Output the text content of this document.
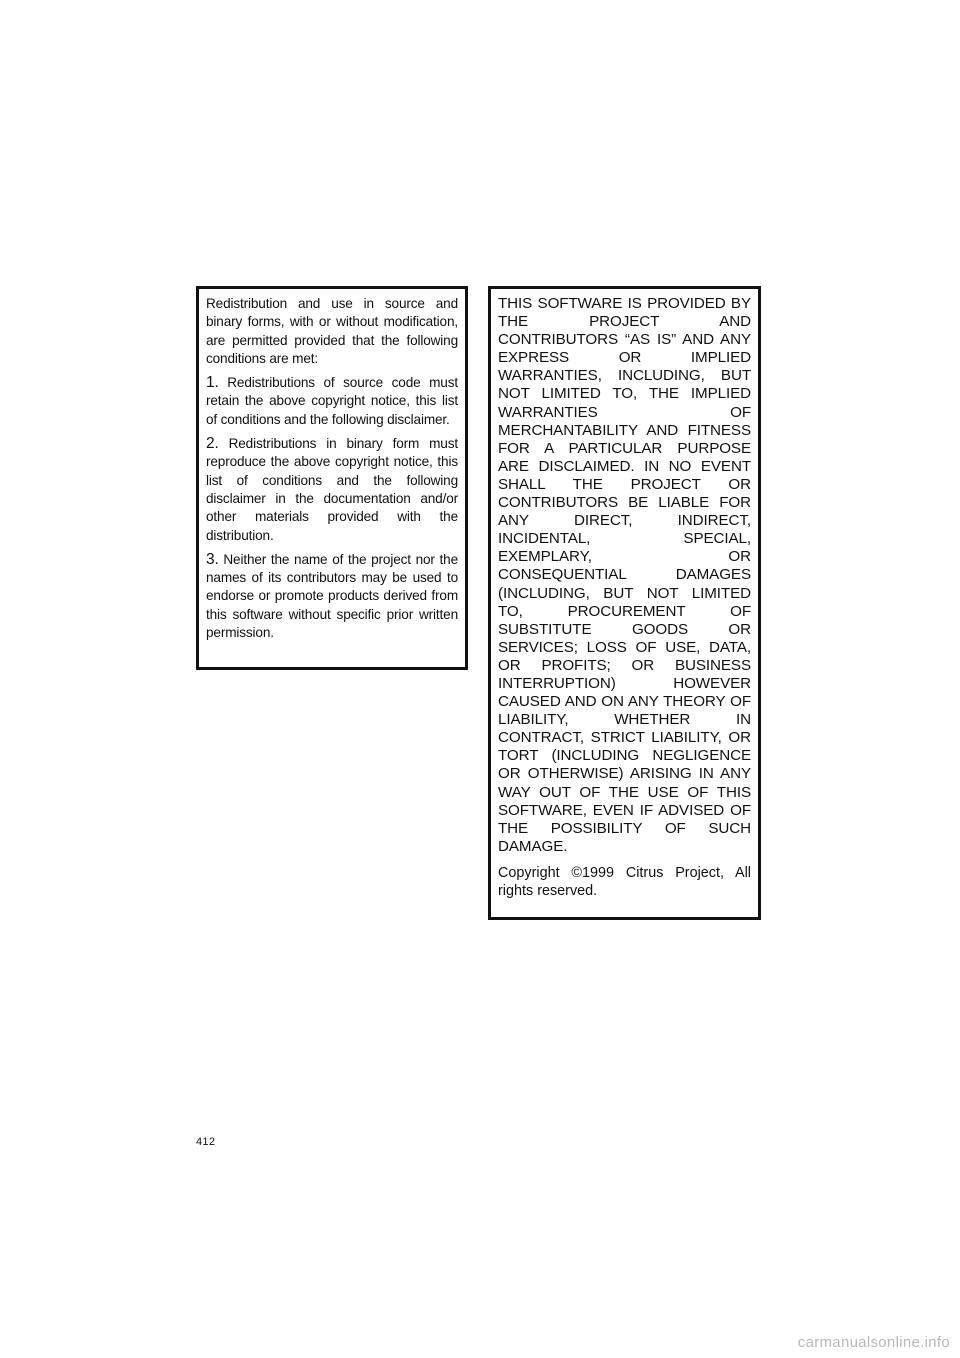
Redistribution and use in source and binary forms, with or without modification, are permitted provided that the following conditions are met:

1. Redistributions of source code must retain the above copyright notice, this list of conditions and the following disclaimer.

2. Redistributions in binary form must reproduce the above copyright notice, this list of conditions and the following disclaimer in the documentation and/or other materials provided with the distribution.

3. Neither the name of the project nor the names of its contributors may be used to endorse or promote products derived from this software without specific prior written permission.

THIS SOFTWARE IS PROVIDED BY THE PROJECT AND CONTRIBUTORS “AS IS” AND ANY EXPRESS OR IMPLIED WARRANTIES, INCLUDING, BUT NOT LIMITED TO, THE IMPLIED WARRANTIES OF MERCHANTABILITY AND FITNESS FOR A PARTICULAR PURPOSE ARE DISCLAIMED. IN NO EVENT SHALL THE PROJECT OR CONTRIBUTORS BE LIABLE FOR ANY DIRECT, INDIRECT, INCIDENTAL, SPECIAL, EXEMPLARY, OR CONSEQUENTIAL DAMAGES (INCLUDING, BUT NOT LIMITED TO, PROCUREMENT OF SUBSTITUTE GOODS OR SERVICES; LOSS OF USE, DATA, OR PROFITS; OR BUSINESS INTERRUPTION) HOWEVER CAUSED AND ON ANY THEORY OF LIABILITY, WHETHER IN CONTRACT, STRICT LIABILITY, OR TORT (INCLUDING NEGLIGENCE OR OTHERWISE) ARISING IN ANY WAY OUT OF THE USE OF THIS SOFTWARE, EVEN IF ADVISED OF THE POSSIBILITY OF SUCH DAMAGE.

Copyright ©1999 Citrus Project, All rights reserved.

412
carmanualsonline.info
